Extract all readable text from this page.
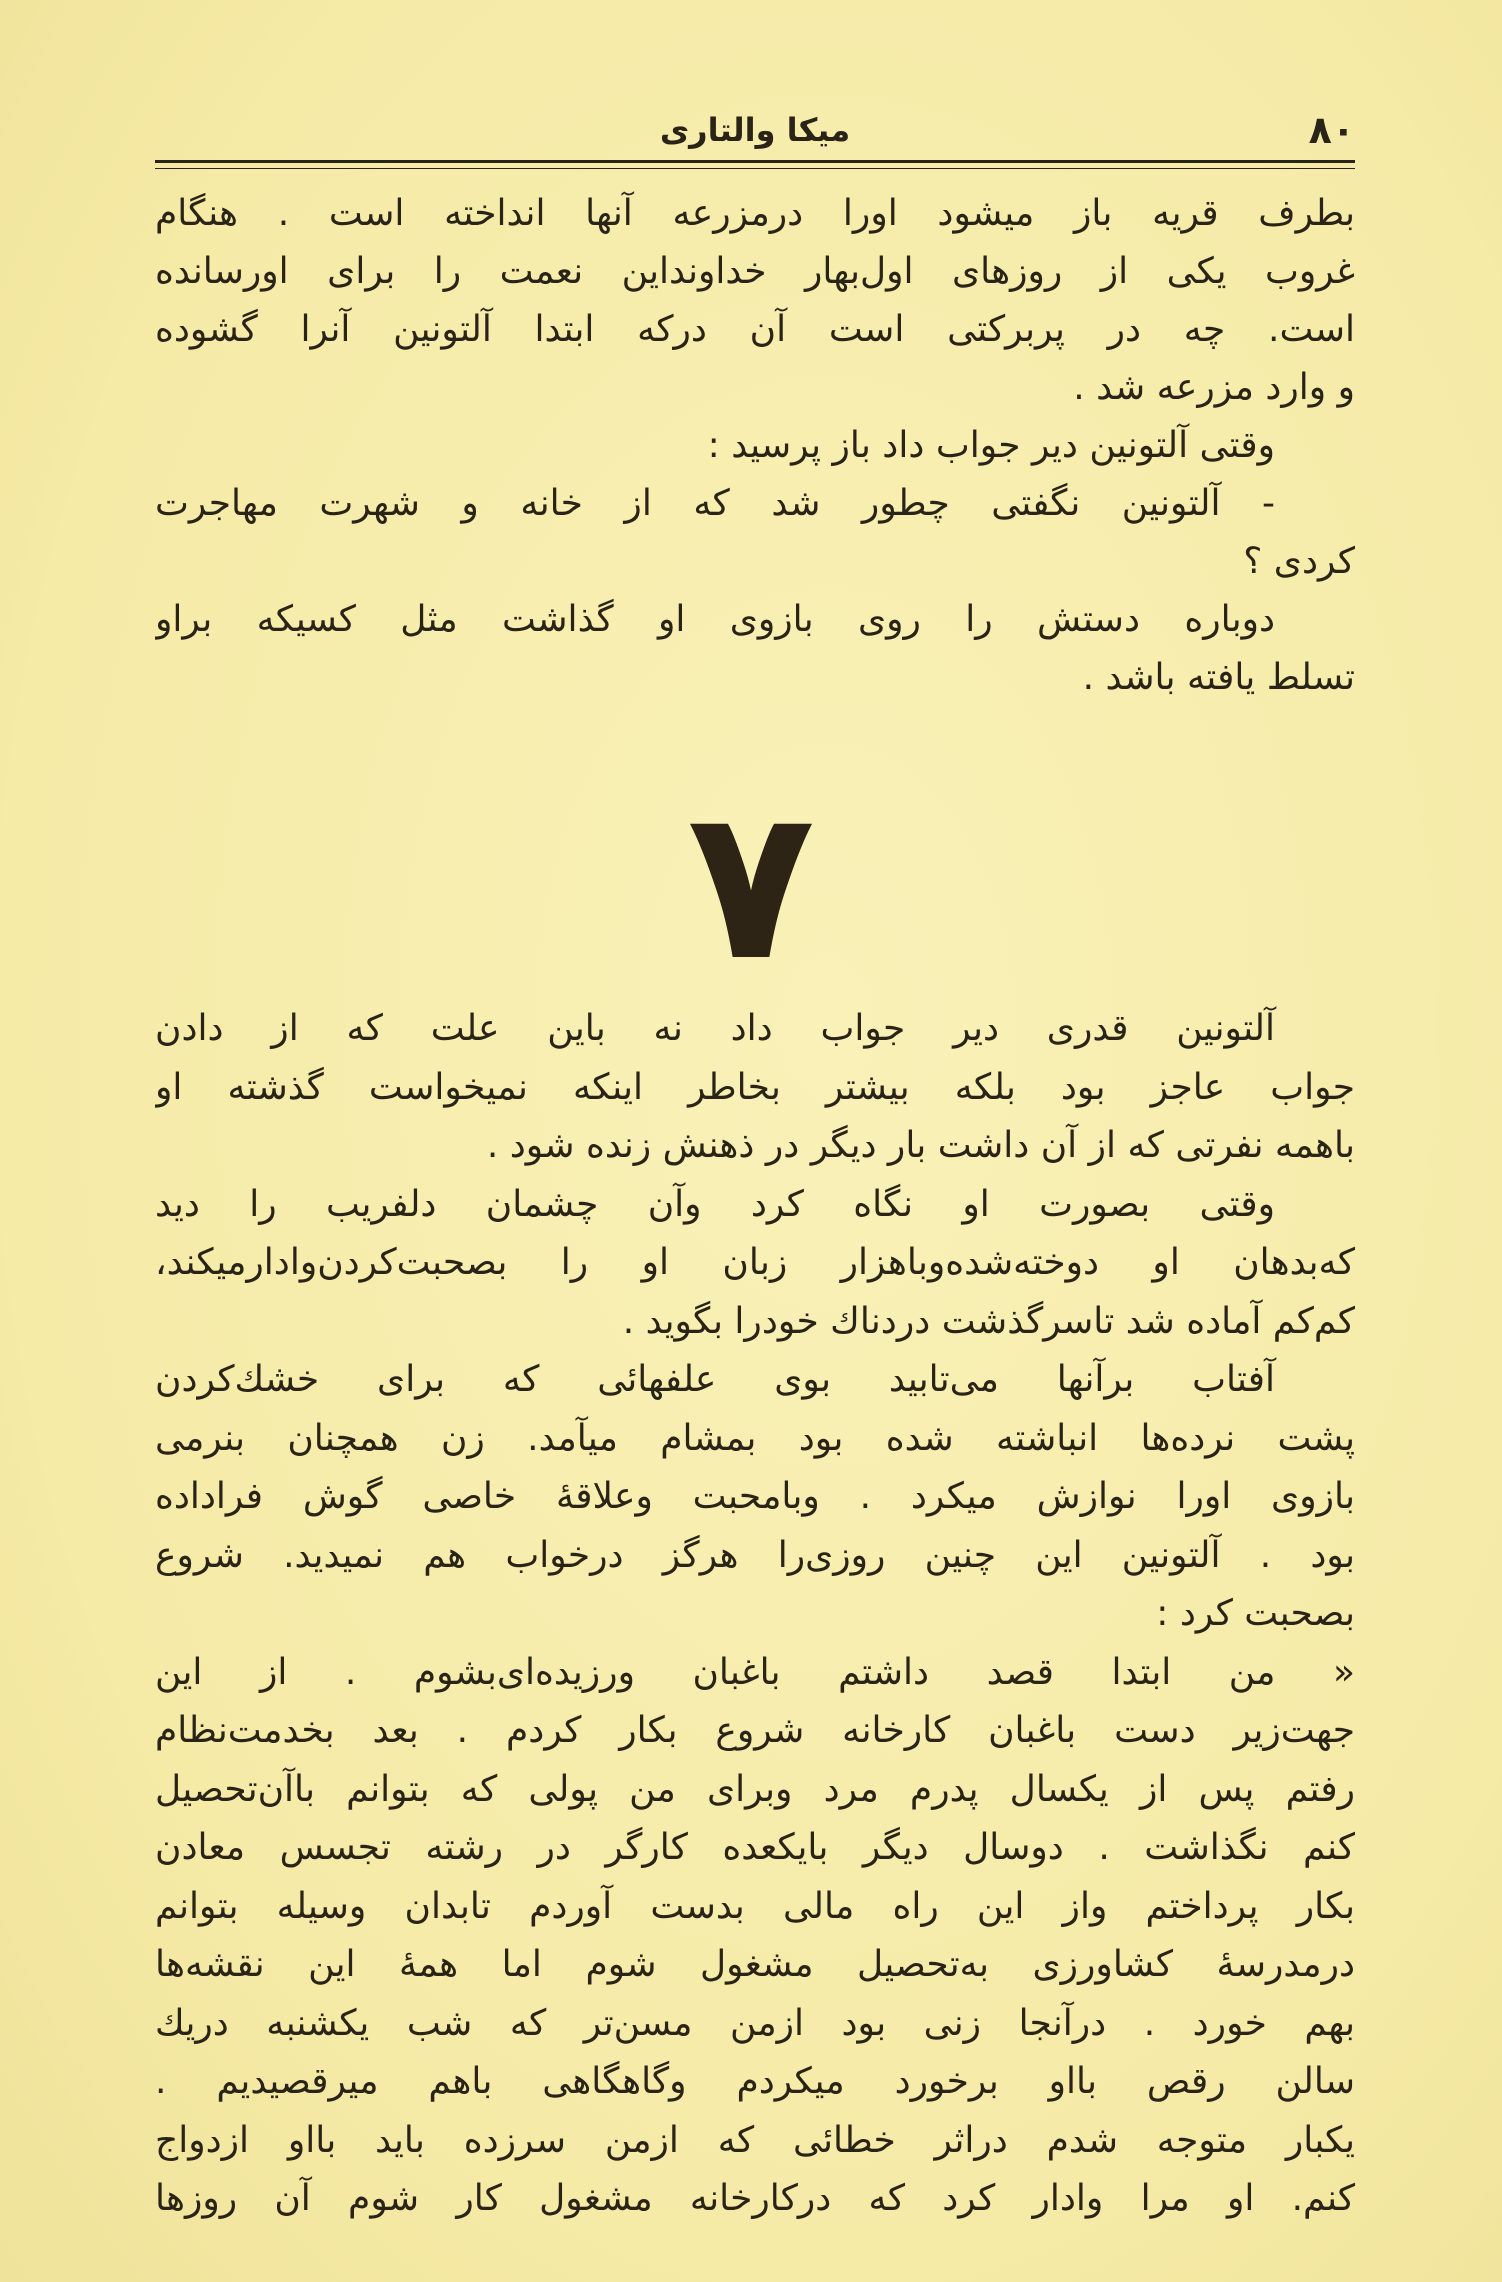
۸۰
میکا والتاری
بطرف قریه باز میشود اورا درمزرعه آنها انداخته است . هنگام
غروب یکی از روزهای اول‌بهار خداونداین نعمت را برای اورسانده
است. چه در پربرکتی است آن درکه ابتدا آلتونین آنرا گشوده
و وارد مزرعه شد .
وقتی آلتونین دیر جواب داد باز پرسید :
- آلتونین نگفتی چطور شد که از خانه و شهرت مهاجرت
کردی ؟
دوباره دستش را روی بازوی او گذاشت مثل کسیکه براو
تسلط یافته باشد .
۷
آلتونین قدری دیر جواب داد نه باین علت که از دادن
جواب عاجز بود بلکه بیشتر بخاطر اینکه نمیخواست گذشته او
باهمه نفرتی که از آن داشت بار دیگر در ذهنش زنده شود .
وقتی بصورت او نگاه کرد وآن چشمان دلفریب را دید
که‌بدهان او دوخته‌شده‌وباهزار زبان او را بصحبت‌کردن‌وادارمیکند،
کم‌کم آماده شد تاسرگذشت دردناك خودرا بگوید .
آفتاب برآنها می‌تابید بوی علفهائی که برای خشك‌کردن
پشت نرده‌ها انباشته شده بود بمشام میآمد. زن همچنان بنرمی
بازوی اورا نوازش میکرد . وبامحبت وعلاقهٔ خاصی گوش فراداده
بود . آلتونین این چنین روزی‌را هرگز درخواب هم نمیدید. شروع
بصحبت کرد :
« من ابتدا قصد داشتم باغبان ورزیده‌ای‌بشوم . از این
جهت‌زیر دست باغبان کارخانه شروع بکار کردم . بعد بخدمت‌نظام
رفتم پس از یکسال پدرم مرد وبرای من پولی که بتوانم باآن‌تحصیل
کنم نگذاشت . دوسال دیگر بایکعده کارگر در رشته تجسس معادن
بکار پرداختم واز این راه مالی بدست آوردم تابدان وسیله بتوانم
درمدرسهٔ کشاورزی به‌تحصیل مشغول شوم اما همهٔ این نقشه‌ها
بهم خورد . درآنجا زنی بود ازمن مسن‌تر که شب یکشنبه دریك
سالن رقص باا‌و برخورد میکردم وگاهگاهی باهم میرقصیدیم .
یکبار متوجه شدم دراثر خطائی که ازمن سرزده باید باا‌و ازدواج
کنم. او مرا وادار کرد که درکارخانه مشغول کار شوم آن روزها
